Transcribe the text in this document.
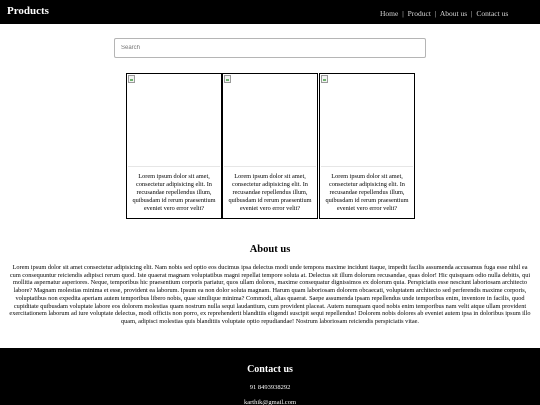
Products	Home | Product | About us | Contact us
Search
Lorem ipsum dolor sit amet, consectetur adipisicing elit. In recusandae repellendus illum, quibusdam id rerum praesentium eveniet vero error velit?
Lorem ipsum dolor sit amet, consectetur adipisicing elit. In recusandae repellendus illum, quibusdam id rerum praesentium eveniet vero error velit?
Lorem ipsum dolor sit amet, consectetur adipisicing elit. In recusandae repellendus illum, quibusdam id rerum praesentium eveniet vero error velit?
About us
Lorem ipsum dolor sit amet consectetur adipisicing elit. Nam nobis sed optio eos ducimus ipsa delectus modi unde tempora maxime incidunt itaque, impedit facilis assumenda accusamus fuga esse nihil ea cum consequuntur reiciendis adipisci rerum quod. Iste quaerat magnam voluptatibus magni repellat tempore soluta at. Delectus sit illum dolorum recusandae, quas dolor! Hic quisquam odio nulla debitis, qui mollitia aspernatur asperiores. Neque, temporibus hic praesentium corporis pariatur, quos ullam dolores, maxime consequatur dignissimos ex dolorum quia. Perspiciatis esse nesciunt laboriosam architecto labore? Magnam molestias minima et esse, provident ea laborum. Ipsum ea non dolor soluta magnam. Harum quam laboriosam dolorem obcaecati, voluptatem architecto sed perferendis maxime corporis, voluptatibus non expedita aperiam autem temporibus libero nobis, quae similique minima? Commodi, alias quaerat. Saepe assumenda ipsam repellendus unde temporibus enim, inventore in facilis, quod cupiditate quibusdam voluptate labore eos dolorem molestias quam nostrum nulla sequi laudantium, cum provident placeat. Autem numquam quod nobis enim temporibus nam velit atque ullam provident exercitationem laborum ad iure voluptate delectus, modi officiis non porro, ex reprehenderit blanditiis eligendi suscipit sequi repellendus! Dolorem nobis dolores ab eveniet autem ipsa in doloribus ipsum illo quam, adipisci molestias quis blanditiis voluptate optio repudiandae! Nostrum laboriosam reiciendis perspiciatis vitae.
Contact us
91 8493938292
karthik@gmail.com
